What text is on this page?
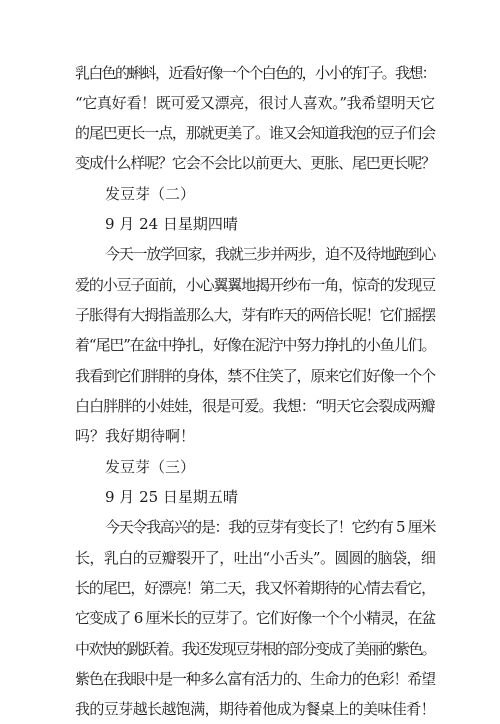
乳白色的蝌蚪，近看好像一个个白色的，小小的钉子。我想：
“它真好看！既可爱又漂亮，很讨人喜欢。”我希望明天它
的尾巴更长一点，那就更美了。谁又会知道我泡的豆子们会
变成什么样呢？它会不会比以前更大、更胀、尾巴更长呢？
发豆芽（二）
9 月 24 日星期四晴
今天一放学回家，我就三步并两步，迫不及待地跑到心
爱的小豆子面前，小心翼翼地揭开纱布一角，惊奇的发现豆
子胀得有大拇指盖那么大，芽有昨天的两倍长呢！它们摇摆
着“尾巴”在盆中挣扎，好像在泥泞中努力挣扎的小鱼儿们。
我看到它们胖胖的身体，禁不住笑了，原来它们好像一个个
白白胖胖的小娃娃，很是可爱。我想：“明天它会裂成两瓣
吗？我好期待啊！
发豆芽（三）
9 月 25 日星期五晴
今天令我高兴的是：我的豆芽有变长了！它约有 5 厘米
长，乳白的豆瓣裂开了，吐出“小舌头”。圆圆的脑袋，细
长的尾巴，好漂亮！第二天，我又怀着期待的心情去看它，
它变成了 6 厘米长的豆芽了。它们好像一个个小精灵，在盆
中欢快的跳跃着。我还发现豆芽根的部分变成了美丽的紫色。
紫色在我眼中是一种多么富有活力的、生命力的色彩！希望
我的豆芽越长越饱满，期待着他成为餐桌上的美味佳肴！
